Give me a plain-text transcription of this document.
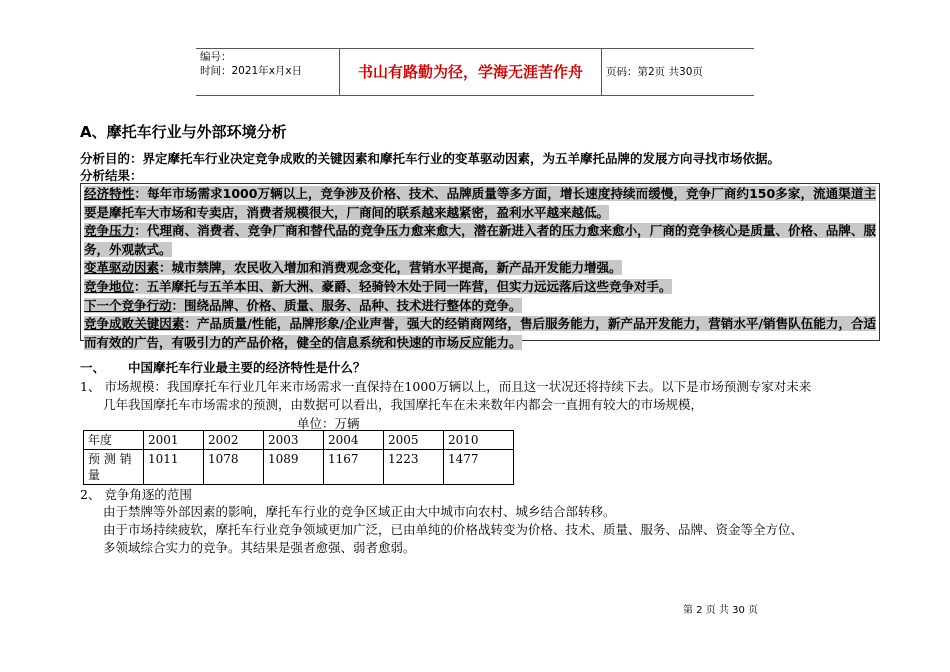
编号：
时间：2021年x月x日	书山有路勤为径，学海无涯苦作舟	页码：第2页 共30页
A、摩托车行业与外部环境分析
分析目的：界定摩托车行业决定竞争成败的关键因素和摩托车行业的变革驱动因素，为五羊摩托品牌的发展方向寻找市场依据。
分析结果：

经济特性：每年市场需求1000万辆以上，竞争涉及价格、技术、品牌质量等多方面，增长速度持续而缓慢，竞争厂商约150多家，流通渠道主要是摩托车大市场和专卖店，消费者规模很大，厂商间的联系越来越紧密，盈利水平越来越低。

竞争压力：代理商、消费者、竞争厂商和替代品的竞争压力愈来愈大，潜在新进入者的压力愈来愈小，厂商的竞争核心是质量、价格、品牌、服务，外观款式。

变革驱动因素：城市禁牌，农民收入增加和消费观念变化，营销水平提高，新产品开发能力增强。

竞争地位：五羊摩托与五羊本田、新大洲、豪爵、轻骑铃木处于同一阵营，但实力远远落后这些竞争对手。

下一个竞争行动：围绕品牌、价格、质量、服务、品种、技术进行整体的竞争。

竞争成败关键因素：产品质量/性能，品牌形象/企业声誉，强大的经销商网络，售后服务能力，新产品开发能力，营销水平/销售队伍能力，合适而有效的广告，有吸引力的产品价格，健全的信息系统和快速的市场反应能力。

一、 中国摩托车行业最主要的经济特性是什么？
1、 市场规模：我国摩托车行业几年来市场需求一直保持在1000万辆以上，而且这一状况还将持续下去。以下是市场预测专家对未来
几年我国摩托车市场需求的预测，由数据可以看出，我国摩托车在未来数年内都会一直拥有较大的市场规模，
单位：万辆
年度	2001	2002	2003	2004	2005	2010
预 测 销 量	1011	1078	1089	1167	1223	1477
2、 竞争角逐的范围
由于禁牌等外部因素的影响，摩托车行业的竞争区域正由大中城市向农村、城乡结合部转移。
由于市场持续疲软，摩托车行业竞争领域更加广泛，已由单纯的价格战转变为价格、技术、质量、服务、品牌、资金等全方位、
多领域综合实力的竞争。其结果是强者愈强、弱者愈弱。
第 2 页 共 30 页
